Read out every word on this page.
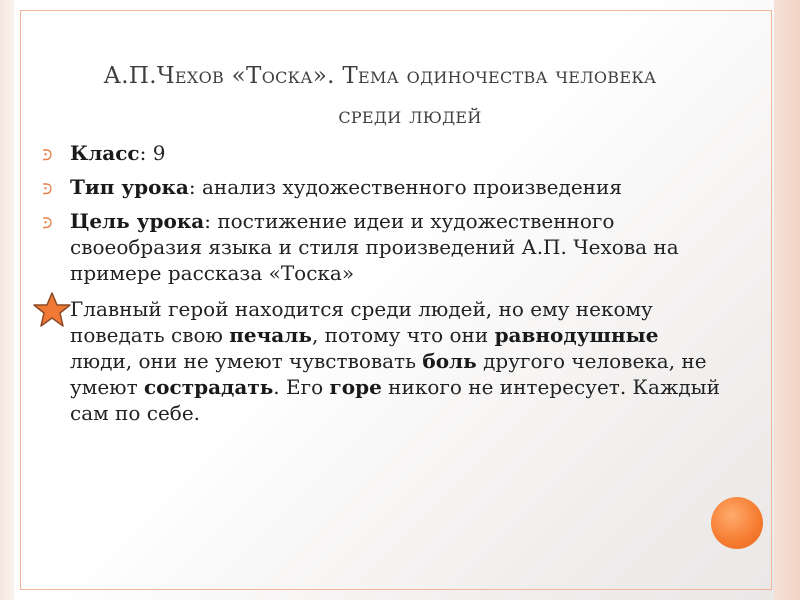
А.П.Чехов «Тоска». Тема одиночества человека
среди людей
⪾ Класс: 9
⪾ Тип урока: анализ художественного произведения
⪾ Цель урока: постижение идеи и художественного своеобразия языка и стиля произведений А.П. Чехова на примере рассказа «Тоска»
Главный герой находится среди людей, но ему некому поведать свою печаль, потому что они равнодушные люди, они не умеют чувствовать боль другого человека, не умеют сострадать. Его горе никого не интересует. Каждый сам по себе.
